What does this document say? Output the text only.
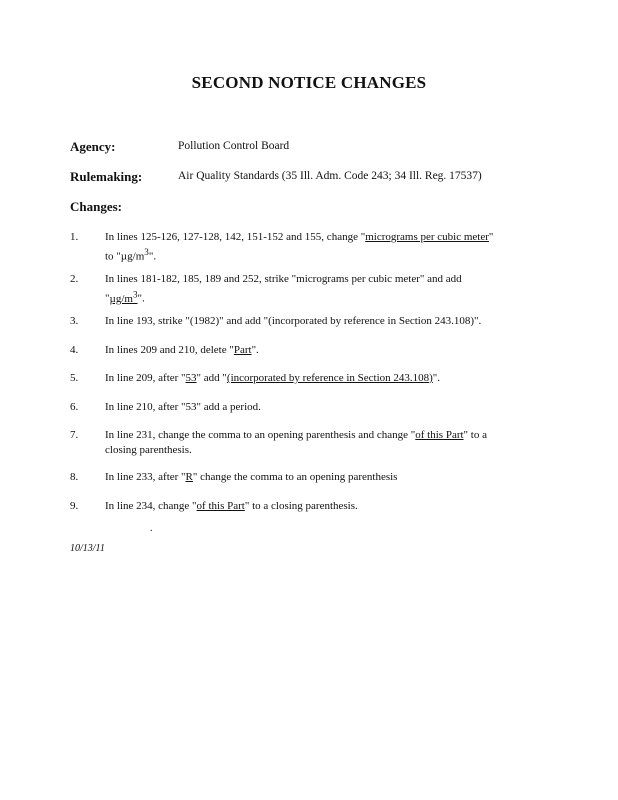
SECOND NOTICE CHANGES
Agency:	Pollution Control Board
Rulemaking:	Air Quality Standards (35 Ill. Adm. Code 243; 34 Ill. Reg. 17537)
Changes:
1. In lines 125-126, 127-128, 142, 151-152 and 155, change "micrograms per cubic meter"
to "$\mu g/m^3$".
2. In lines 181-182, 185, 189 and 252, strike "micrograms per cubic meter" and add
"$\mu g/m^3$".
3. In line 193, strike "(1982)" and add "(incorporated by reference in Section 243.108)".
4. In lines 209 and 210, delete "Part".
5. In line 209, after "53" add "(incorporated by reference in Section 243.108)".
6. In line 210, after "53" add a period.
7. In line 231, change the comma to an opening parenthesis and change "of this Part" to a
closing parenthesis.
8. In line 233, after "R" change the comma to an opening parenthesis
9. In line 234, change "of this Part" to a closing parenthesis.
.
10/13/11
